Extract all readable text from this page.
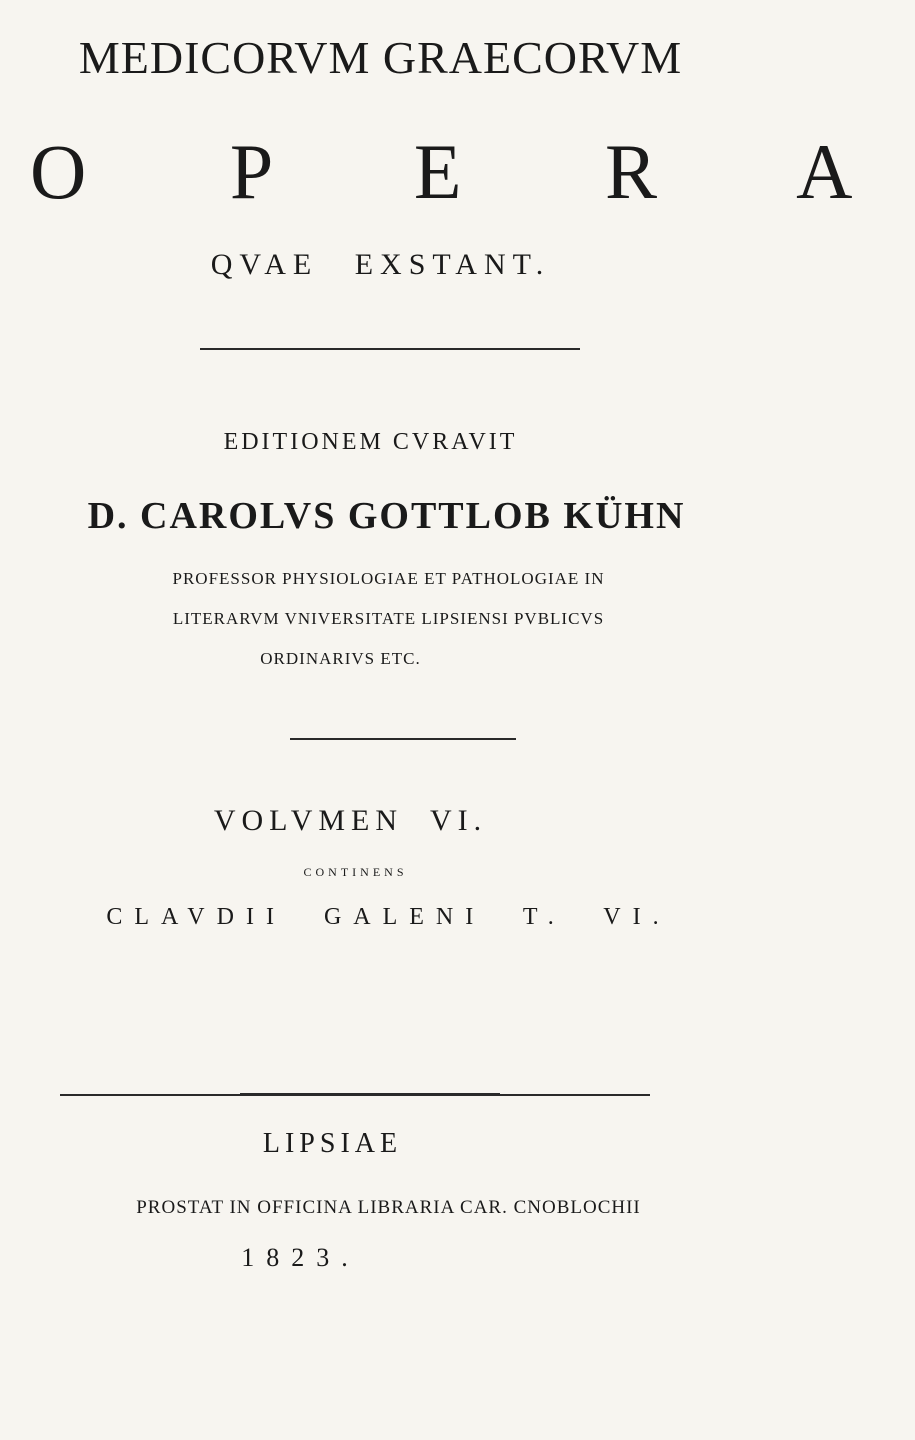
MEDICORVM GRAECORVM
O P E R A
QVAE EXSTANT.
EDITIONEM CVRAVIT
D. CAROLVS GOTTLOB KÜHN
PROFESSOR PHYSIOLOGIAE ET PATHOLOGIAE IN
LITERARVM VNIVERSITATE LIPSIENSI PVBLICVS
ORDINARIVS ETC.
VOLVMEN VI.
CONTINENS
CLAVDII GALENI T. VI.
LIPSIAE
PROSTAT IN OFFICINA LIBRARIA CAR. CNOBLOCHII
1823.
